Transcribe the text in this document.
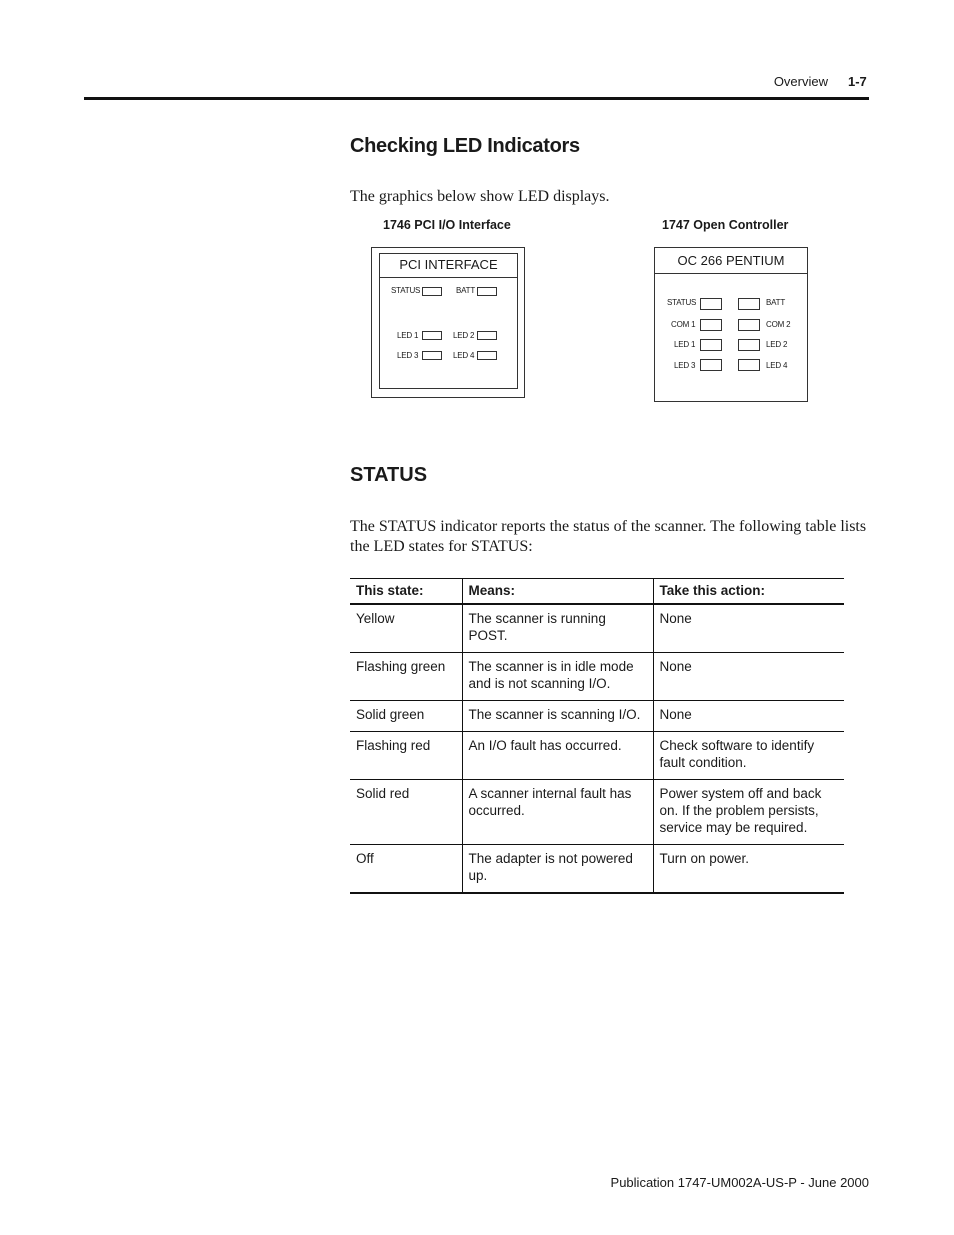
Overview 1-7
Checking LED Indicators
The graphics below show LED displays.
1746 PCI I/O Interface
PCI INTERFACE
STATUS	BATT
LED 1	LED 2
LED 3	LED 4
1747 Open Controller
OC 266 PENTIUM
STATUS	BATT
COM 1	COM 2
LED 1	LED 2
LED 3	LED 4
STATUS
The STATUS indicator reports the status of the scanner. The following table lists the LED states for STATUS:
This state:	Means:	Take this action:
Yellow	The scanner is running POST.	None
Flashing green	The scanner is in idle mode and is not scanning I/O.	None
Solid green	The scanner is scanning I/O.	None
Flashing red	An I/O fault has occurred.	Check software to identify fault condition.
Solid red	A scanner internal fault has occurred.	Power system off and back on. If the problem persists, service may be required.
Off	The adapter is not powered up.	Turn on power.
Publication 1747-UM002A-US-P - June 2000
